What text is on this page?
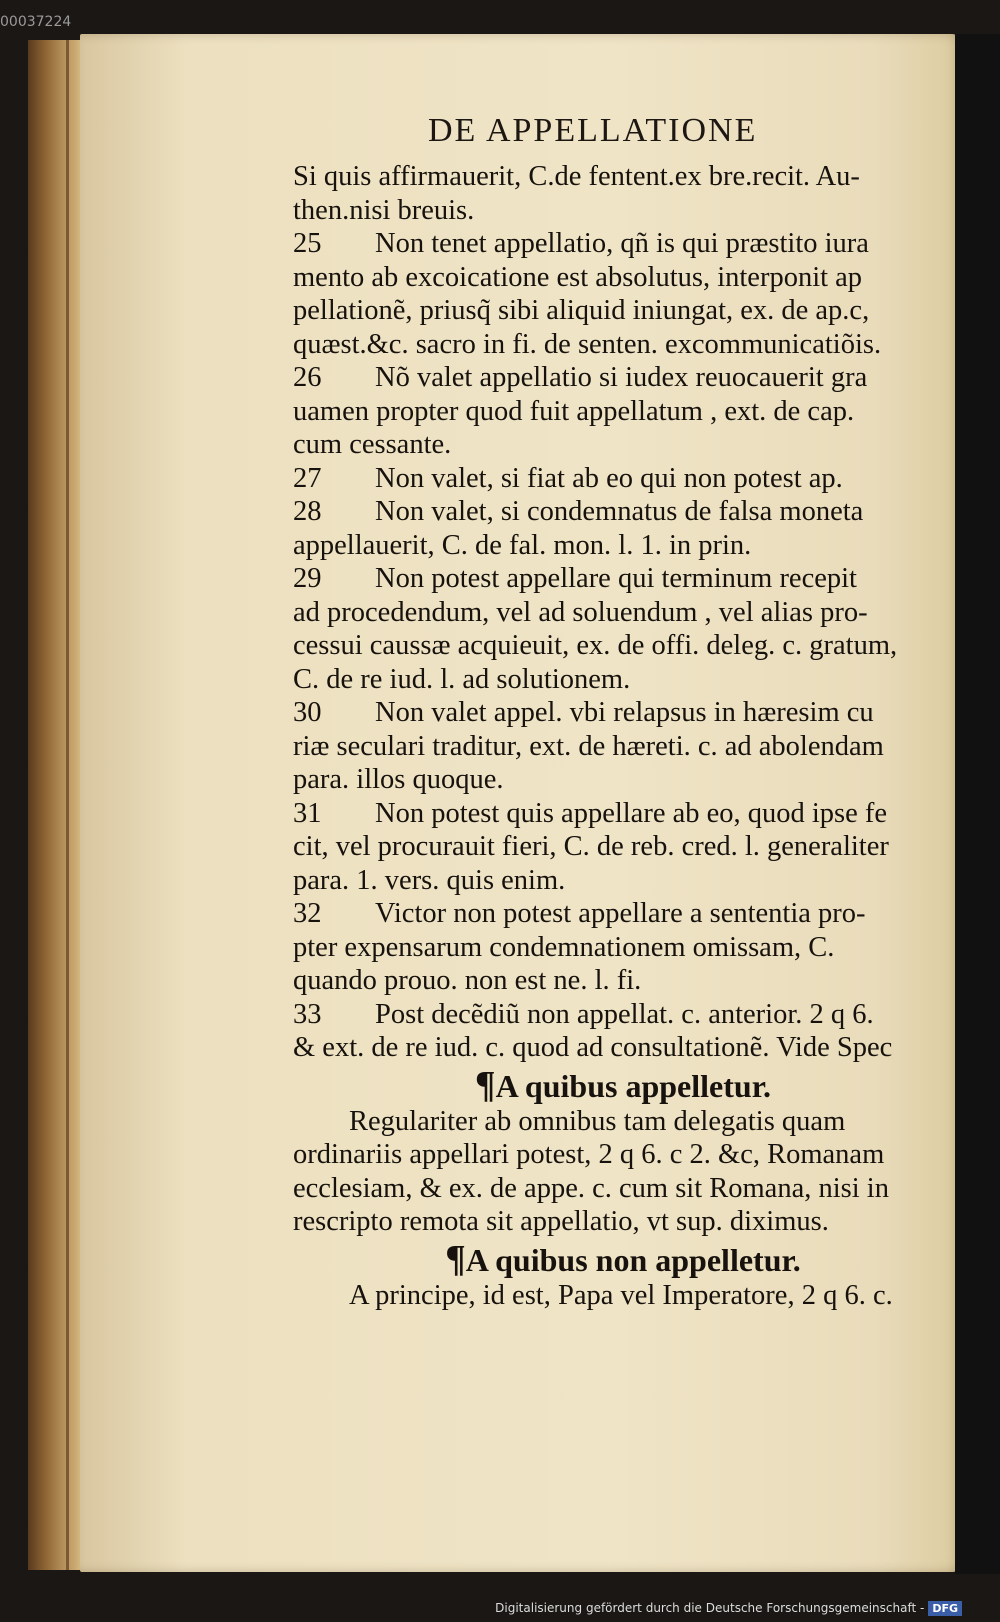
00037224
DE APPELLATIONE
Si quis affirmauerit, C.de fentent.ex bre.recit. Au-
then.nisi breuis.
25 Non tenet appellatio, qñ is qui præstito iura
mento ab excoicatione est absolutus, interponit ap
pellationẽ, priusq̃ sibi aliquid iniungat, ex. de ap.c,
quæst.&c. sacro in fi. de senten. excommunicatiõis.
26 Nõ valet appellatio si iudex reuocauerit gra
uamen propter quod fuit appellatum , ext. de cap.
cum cessante.
27 Non valet, si fiat ab eo qui non potest ap.
28 Non valet, si condemnatus de falsa moneta
appellauerit, C. de fal. mon. l. 1. in prin.
29 Non potest appellare qui terminum recepit
ad procedendum, vel ad soluendum , vel alias pro-
cessui caussæ acquieuit, ex. de offi. deleg. c. gratum,
C. de re iud. l. ad solutionem.
30 Non valet appel. vbi relapsus in hæresim cu
riæ seculari traditur, ext. de hæreti. c. ad abolendam
para. illos quoque.
31 Non potest quis appellare ab eo, quod ipse fe
cit, vel procurauit fieri, C. de reb. cred. l. generaliter
para. 1. vers. quis enim.
32 Victor non potest appellare a sententia pro-
pter expensarum condemnationem omissam, C.
quando prouo. non est ne. l. fi.
33 Post decẽdiũ non appellat. c. anterior. 2 q 6.
& ext. de re iud. c. quod ad consultationẽ. Vide Spec
¶A quibus appelletur.
Regulariter ab omnibus tam delegatis quam
ordinariis appellari potest, 2 q 6. c 2. &c, Romanam
ecclesiam, & ex. de appe. c. cum sit Romana, nisi in
rescripto remota sit appellatio, vt sup. diximus.
¶A quibus non appelletur.
A principe, id est, Papa vel Imperatore, 2 q 6. c.
Digitalisierung gefördert durch die Deutsche Forschungsgemeinschaft - DFG
